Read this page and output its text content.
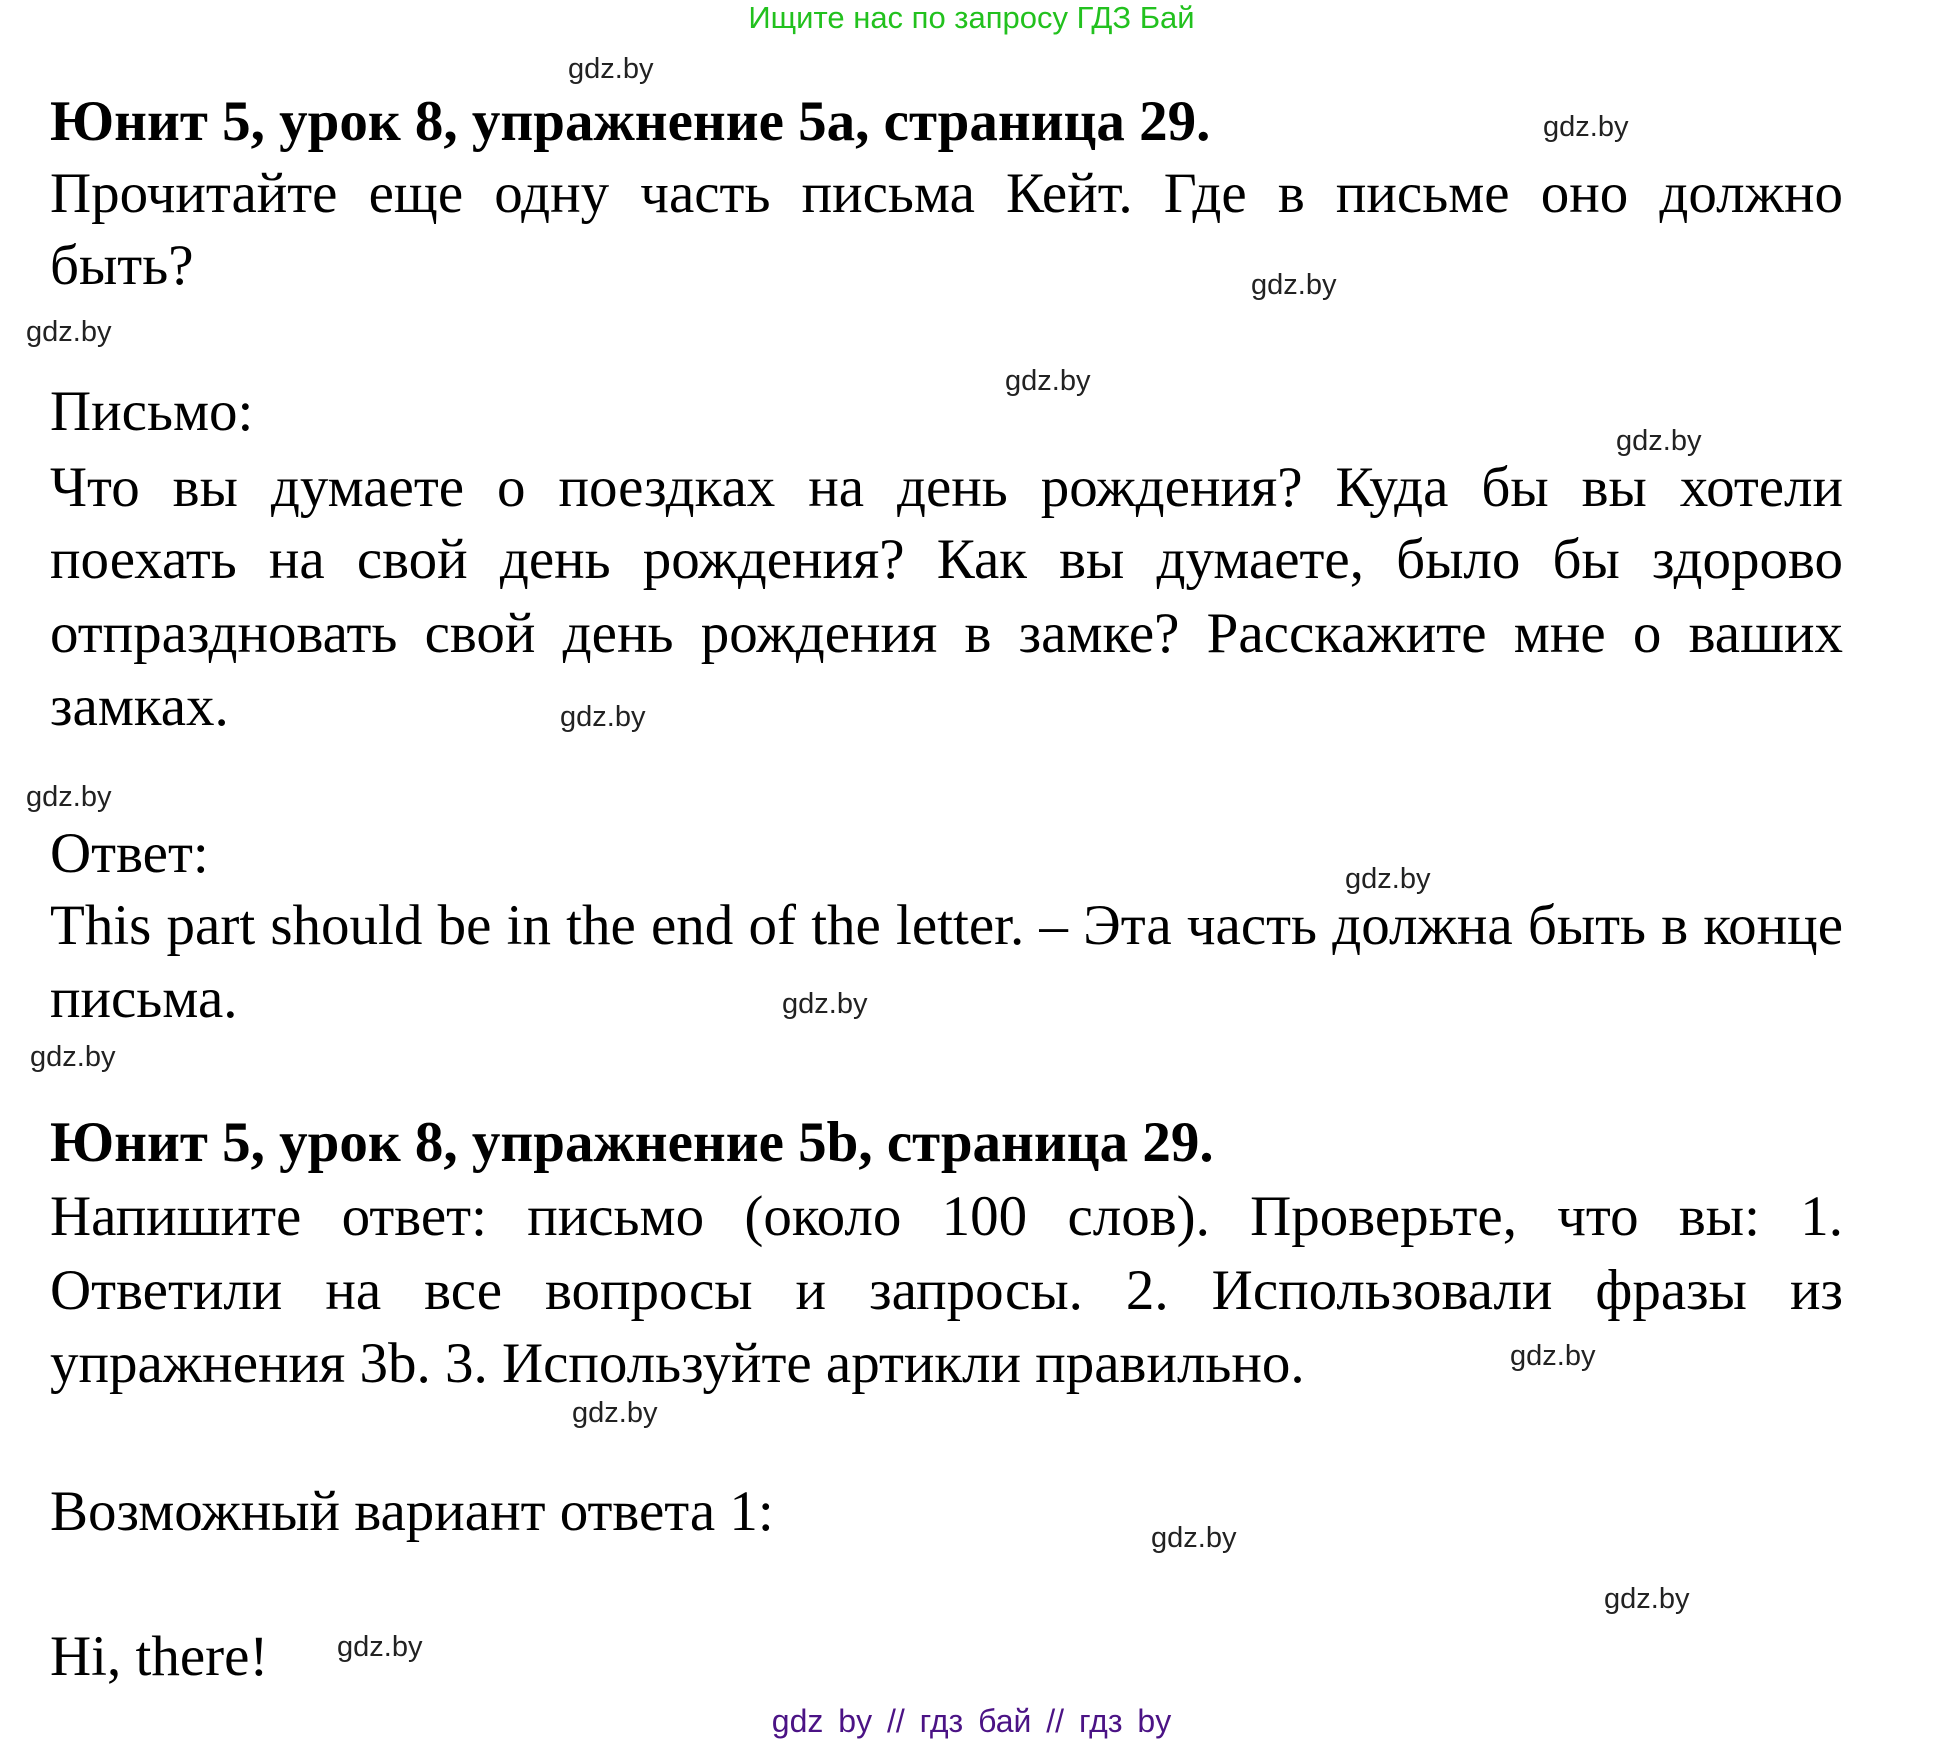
Ищите нас по запросу ГДЗ Бай
Юнит 5, урок 8, упражнение 5а, страница 29.
Прочитайте еще одну часть письма Кейт. Где в письме оно должно
быть?
Письмо:
Что вы думаете о поездках на день рождения? Куда бы вы хотели
поехать на свой день рождения? Как вы думаете, было бы здорово
отпраздновать свой день рождения в замке? Расскажите мне о ваших
замках.
Ответ:
This part should be in the end of the letter. – Эта часть должна быть в конце
письма.
Юнит 5, урок 8, упражнение 5b, страница 29.
Напишите ответ: письмо (около 100 слов). Проверьте, что вы: 1.
Ответили на все вопросы и запросы. 2. Использовали фразы из
упражнения 3b. 3. Используйте артикли правильно.
Возможный вариант ответа 1:
Hi, there!
gdz.by
gdz.by
gdz.by
gdz.by
gdz.by
gdz.by
gdz.by
gdz.by
gdz.by
gdz.by
gdz.by
gdz.by
gdz.by
gdz.by
gdz.by
gdz.by
gdz by // гдз бай // гдз by
